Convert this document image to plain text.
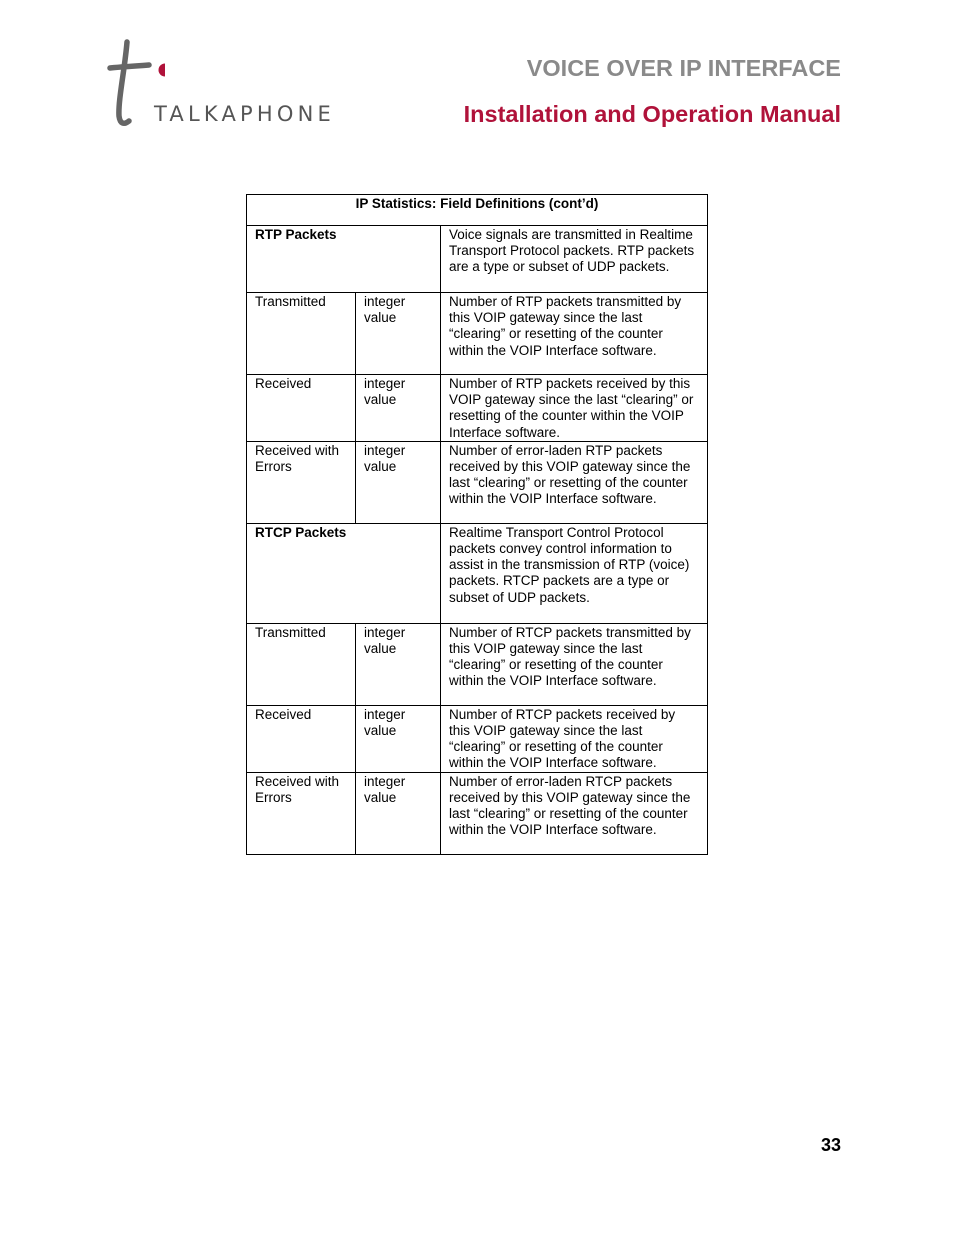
TALKAPHONE
VOICE OVER IP INTERFACE
Installation and Operation Manual
IP Statistics: Field Definitions (cont’d)		
RTP Packets		Voice signals are transmitted in Realtime Transport Protocol packets. RTP packets are a type or subset of UDP packets.
Transmitted	integer value	Number of RTP packets transmitted by this VOIP gateway since the last “clearing” or resetting of the counter within the VOIP Interface software.
Received	integer value	Number of RTP packets received by this VOIP gateway since the last “clearing” or resetting of the counter within the VOIP Interface software.
Received with Errors	integer value	Number of error-laden RTP packets received by this VOIP gateway since the last “clearing” or resetting of the counter within the VOIP Interface software.
RTCP Packets		Realtime Transport Control Protocol packets convey control information to assist in the transmission of RTP (voice) packets. RTCP packets are a type or subset of UDP packets.
Transmitted	integer value	Number of RTCP packets transmitted by this VOIP gateway since the last “clearing” or resetting of the counter within the VOIP Interface software.
Received	integer value	Number of RTCP packets received by this VOIP gateway since the last “clearing” or resetting of the counter within the VOIP Interface software.
Received with Errors	integer value	Number of error-laden RTCP packets received by this VOIP gateway since the last “clearing” or resetting of the counter within the VOIP Interface software.
33
